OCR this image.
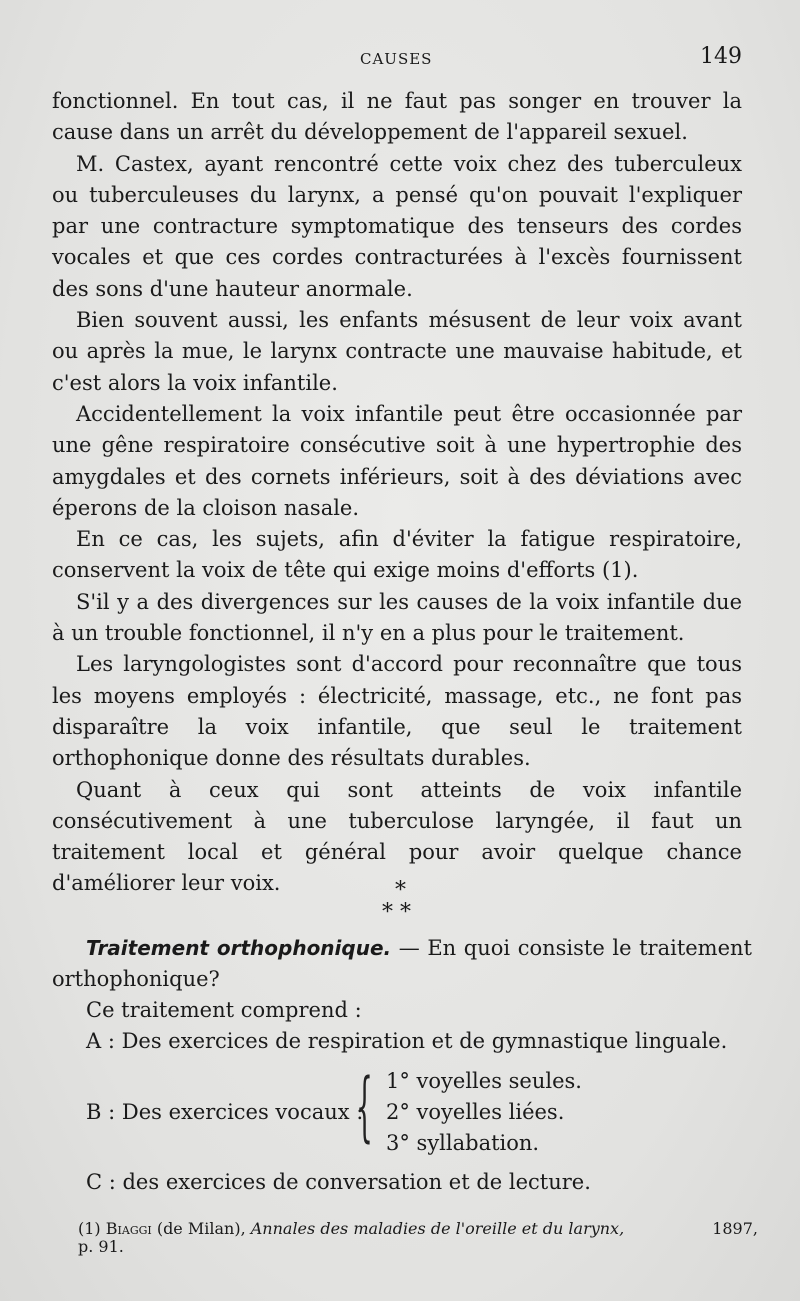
CAUSES	149

fonctionnel. En tout cas, il ne faut pas songer en trouver la cause dans un arrêt du développement de l'appareil sexuel.

M. Castex, ayant rencontré cette voix chez des tuberculeux ou tuberculeuses du larynx, a pensé qu'on pouvait l'expliquer par une contracture symptomatique des tenseurs des cordes vocales et que ces cordes contracturées à l'excès fournissent des sons d'une hauteur anormale.

Bien souvent aussi, les enfants mésusent de leur voix avant ou après la mue, le larynx contracte une mauvaise habitude, et c'est alors la voix infantile.

Accidentellement la voix infantile peut être occasionnée par une gêne respiratoire consécutive soit à une hypertrophie des amygdales et des cornets inférieurs, soit à des déviations avec éperons de la cloison nasale.

En ce cas, les sujets, afin d'éviter la fatigue respiratoire, conservent la voix de tête qui exige moins d'efforts (1).

S'il y a des divergences sur les causes de la voix infantile due à un trouble fonctionnel, il n'y en a plus pour le traitement.

Les laryngologistes sont d'accord pour reconnaître que tous les moyens employés : électricité, massage, etc., ne font pas disparaître la voix infantile, que seul le traitement orthophonique donne des résultats durables.

Quant à ceux qui sont atteints de voix infantile consécutivement à une tuberculose laryngée, il faut un traitement local et général pour avoir quelque chance d'améliorer leur voix.	*
* *

Traitement orthophonique. — En quoi consiste le traitement orthophonique?

Ce traitement comprend :

A : Des exercices de respiration et de gymnastique linguale.

B : Des exercices vocaux :
{ 1° voyelles seules.
2° voyelles liées.
3° syllabation.
C : des exercices de conversation et de lecture.
(1) Biaggi (de Milan), Annales des maladies de l'oreille et du larynx,	1897,

p. 91.
